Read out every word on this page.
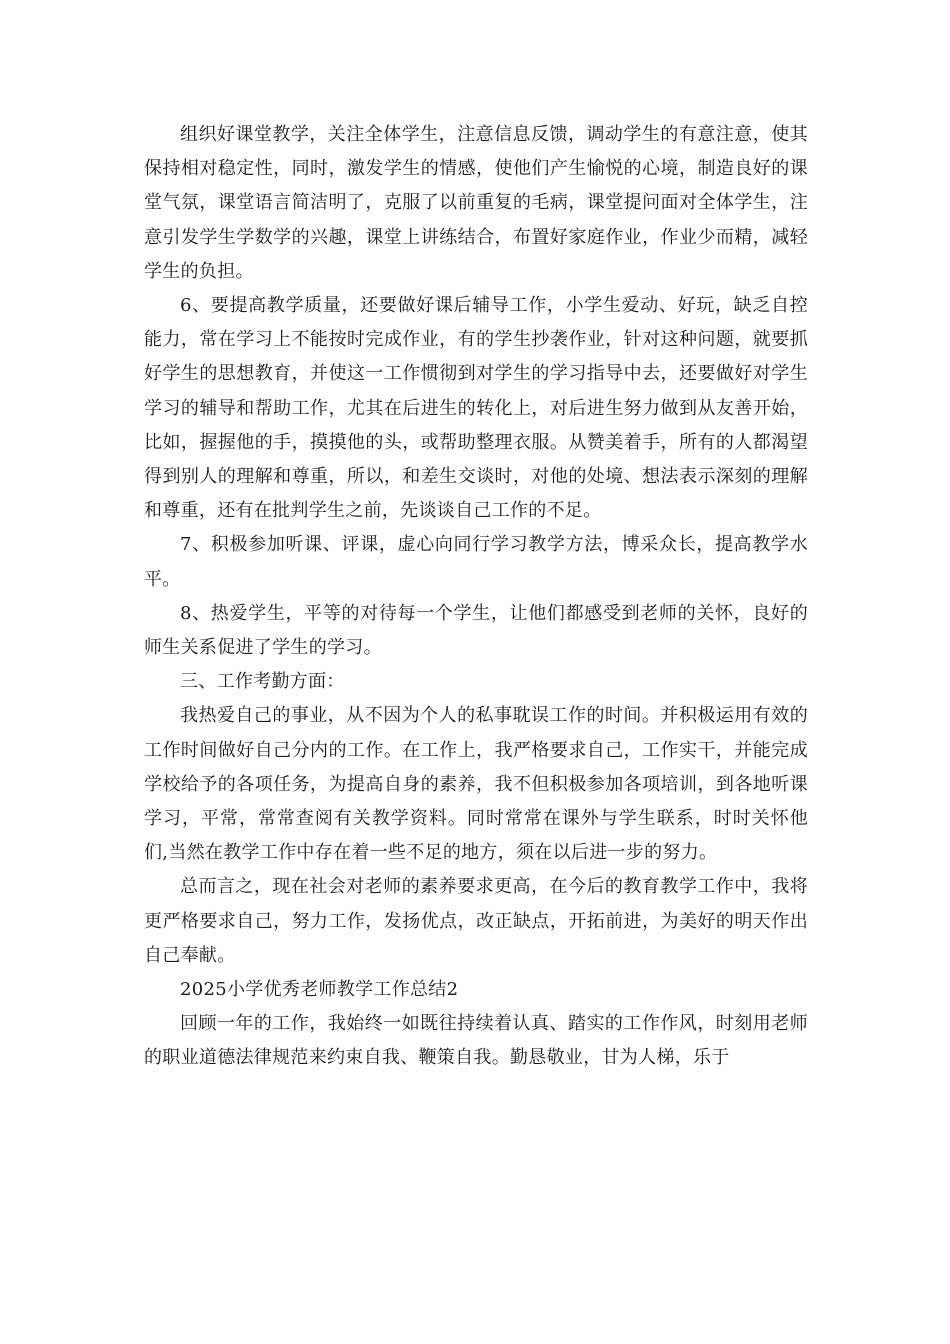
组织好课堂教学，关注全体学生，注意信息反馈，调动学生的有意注意，使其保持相对稳定性，同时，激发学生的情感，使他们产生愉悦的心境，制造良好的课堂气氛，课堂语言简洁明了，克服了以前重复的毛病，课堂提问面对全体学生，注意引发学生学数学的兴趣，课堂上讲练结合，布置好家庭作业，作业少而精，减轻学生的负担。

6、要提高教学质量，还要做好课后辅导工作，小学生爱动、好玩，缺乏自控能力，常在学习上不能按时完成作业，有的学生抄袭作业，针对这种问题，就要抓好学生的思想教育，并使这一工作惯彻到对学生的学习指导中去，还要做好对学生学习的辅导和帮助工作，尤其在后进生的转化上，对后进生努力做到从友善开始，比如，握握他的手，摸摸他的头，或帮助整理衣服。从赞美着手，所有的人都渴望得到别人的理解和尊重，所以，和差生交谈时，对他的处境、想法表示深刻的理解和尊重，还有在批判学生之前，先谈谈自己工作的不足。

7、积极参加听课、评课，虚心向同行学习教学方法，博采众长，提高教学水平。

8、热爱学生，平等的对待每一个学生，让他们都感受到老师的关怀，良好的师生关系促进了学生的学习。

三、工作考勤方面：

我热爱自己的事业，从不因为个人的私事耽误工作的时间。并积极运用有效的工作时间做好自己分内的工作。在工作上，我严格要求自己，工作实干，并能完成学校给予的各项任务，为提高自身的素养，我不但积极参加各项培训，到各地听课学习，平常，常常查阅有关教学资料。同时常常在课外与学生联系，时时关怀他们,当然在教学工作中存在着一些不足的地方，须在以后进一步的努力。

总而言之，现在社会对老师的素养要求更高，在今后的教育教学工作中，我将更严格要求自己，努力工作，发扬优点，改正缺点，开拓前进，为美好的明天作出自己奉献。

2025小学优秀老师教学工作总结2

回顾一年的工作，我始终一如既往持续着认真、踏实的工作作风，时刻用老师的职业道德法律规范来约束自我、鞭策自我。勤恳敬业，甘为人梯，乐于
